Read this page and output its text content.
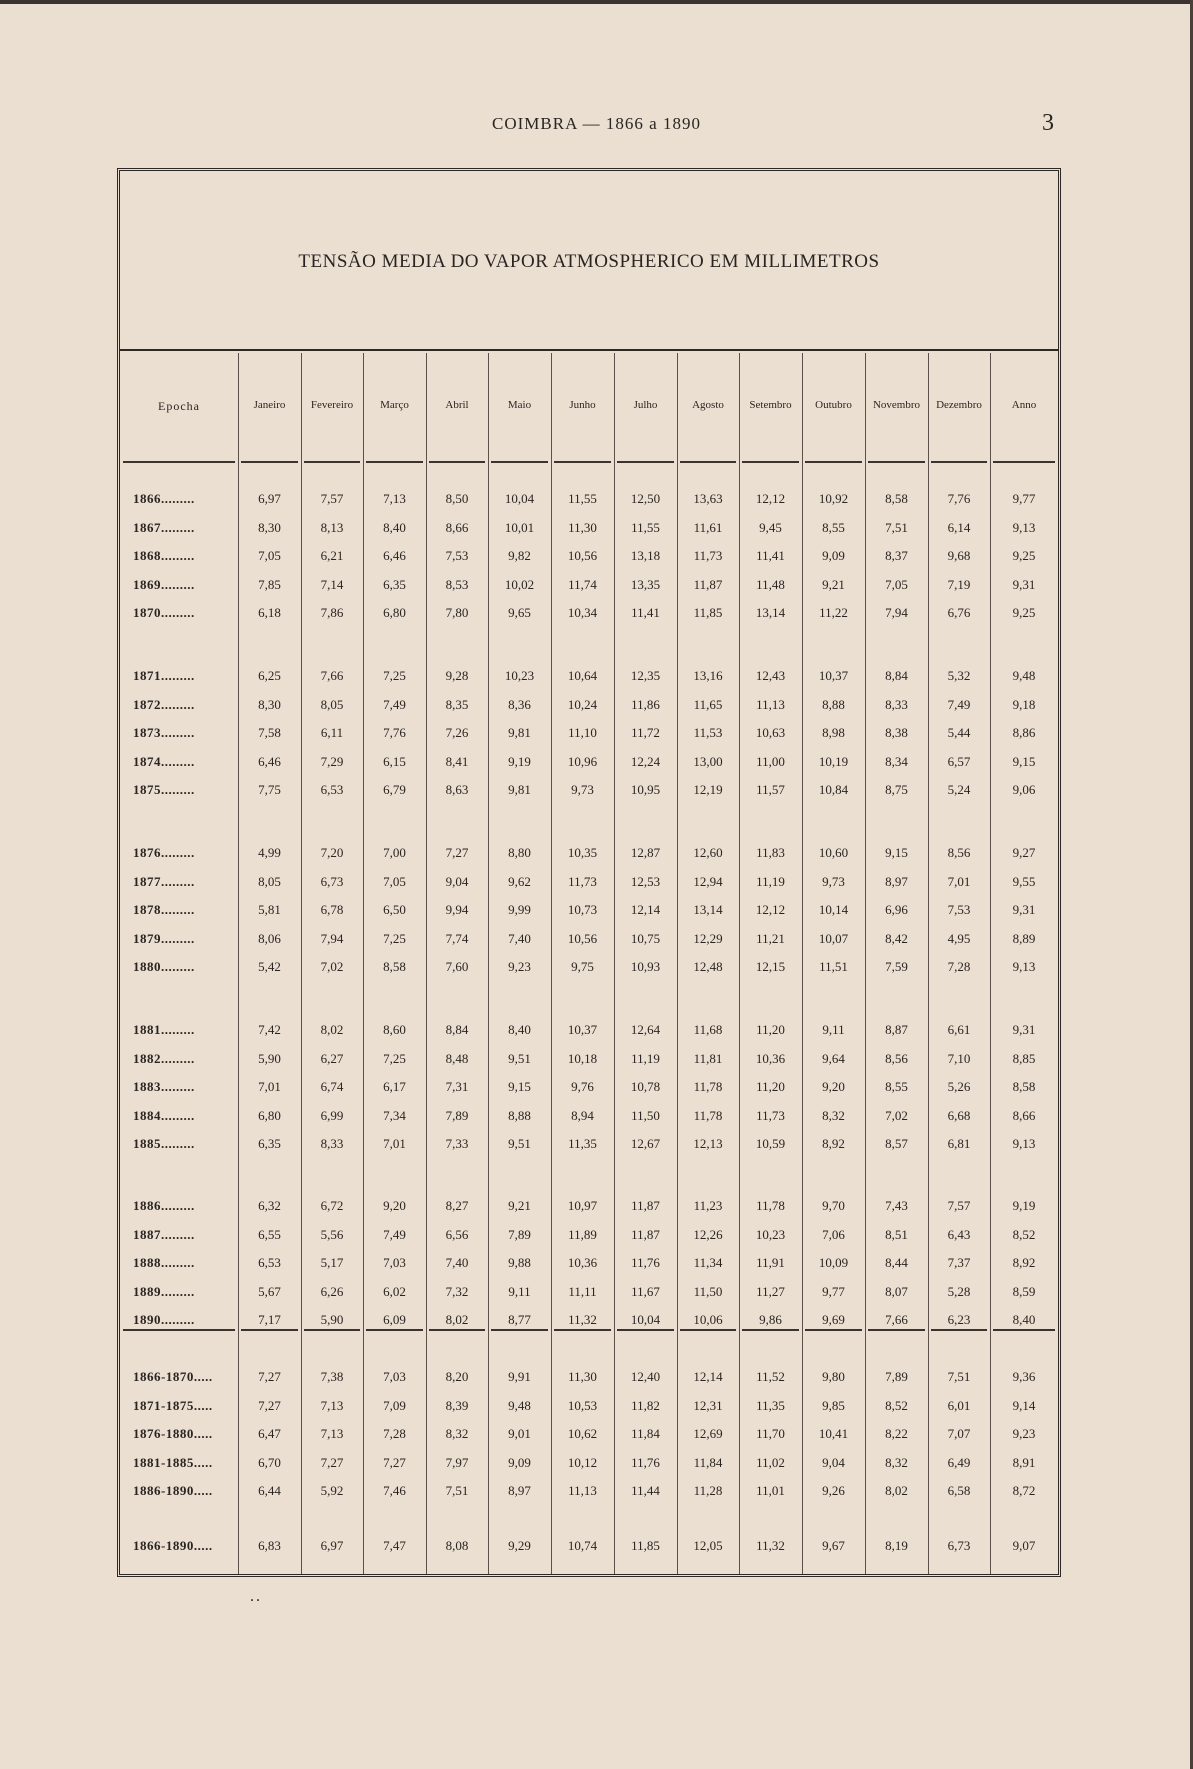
COIMBRA — 1866 a 1890	3
TENSÃO MEDIA DO VAPOR ATMOSPHERICO EM MILLIMETROS
Epocha	Janeiro	Fevereiro	Março	Abril	Maio	Junho	Julho	Agosto	Setembro	Outubro	Novembro	Dezembro	Anno
1866.........	6,97	7,57	7,13	8,50	10,04	11,55	12,50	13,63	12,12	10,92	8,58	7,76	9,77
1867.........	8,30	8,13	8,40	8,66	10,01	11,30	11,55	11,61	9,45	8,55	7,51	6,14	9,13
1868.........	7,05	6,21	6,46	7,53	9,82	10,56	13,18	11,73	11,41	9,09	8,37	9,68	9,25
1869.........	7,85	7,14	6,35	8,53	10,02	11,74	13,35	11,87	11,48	9,21	7,05	7,19	9,31
1870.........	6,18	7,86	6,80	7,80	9,65	10,34	11,41	11,85	13,14	11,22	7,94	6,76	9,25
1871.........	6,25	7,66	7,25	9,28	10,23	10,64	12,35	13,16	12,43	10,37	8,84	5,32	9,48
1872.........	8,30	8,05	7,49	8,35	8,36	10,24	11,86	11,65	11,13	8,88	8,33	7,49	9,18
1873.........	7,58	6,11	7,76	7,26	9,81	11,10	11,72	11,53	10,63	8,98	8,38	5,44	8,86
1874.........	6,46	7,29	6,15	8,41	9,19	10,96	12,24	13,00	11,00	10,19	8,34	6,57	9,15
1875.........	7,75	6,53	6,79	8,63	9,81	9,73	10,95	12,19	11,57	10,84	8,75	5,24	9,06
1876.........	4,99	7,20	7,00	7,27	8,80	10,35	12,87	12,60	11,83	10,60	9,15	8,56	9,27
1877.........	8,05	6,73	7,05	9,04	9,62	11,73	12,53	12,94	11,19	9,73	8,97	7,01	9,55
1878.........	5,81	6,78	6,50	9,94	9,99	10,73	12,14	13,14	12,12	10,14	6,96	7,53	9,31
1879.........	8,06	7,94	7,25	7,74	7,40	10,56	10,75	12,29	11,21	10,07	8,42	4,95	8,89
1880.........	5,42	7,02	8,58	7,60	9,23	9,75	10,93	12,48	12,15	11,51	7,59	7,28	9,13
1881.........	7,42	8,02	8,60	8,84	8,40	10,37	12,64	11,68	11,20	9,11	8,87	6,61	9,31
1882.........	5,90	6,27	7,25	8,48	9,51	10,18	11,19	11,81	10,36	9,64	8,56	7,10	8,85
1883.........	7,01	6,74	6,17	7,31	9,15	9,76	10,78	11,78	11,20	9,20	8,55	5,26	8,58
1884.........	6,80	6,99	7,34	7,89	8,88	8,94	11,50	11,78	11,73	8,32	7,02	6,68	8,66
1885.........	6,35	8,33	7,01	7,33	9,51	11,35	12,67	12,13	10,59	8,92	8,57	6,81	9,13
1886.........	6,32	6,72	9,20	8,27	9,21	10,97	11,87	11,23	11,78	9,70	7,43	7,57	9,19
1887.........	6,55	5,56	7,49	6,56	7,89	11,89	11,87	12,26	10,23	7,06	8,51	6,43	8,52
1888.........	6,53	5,17	7,03	7,40	9,88	10,36	11,76	11,34	11,91	10,09	8,44	7,37	8,92
1889.........	5,67	6,26	6,02	7,32	9,11	11,11	11,67	11,50	11,27	9,77	8,07	5,28	8,59
1890.........	7,17	5,90	6,09	8,02	8,77	11,32	10,04	10,06	9,86	9,69	7,66	6,23	8,40
1866-1870.....	7,27	7,38	7,03	8,20	9,91	11,30	12,40	12,14	11,52	9,80	7,89	7,51	9,36
1871-1875.....	7,27	7,13	7,09	8,39	9,48	10,53	11,82	12,31	11,35	9,85	8,52	6,01	9,14
1876-1880.....	6,47	7,13	7,28	8,32	9,01	10,62	11,84	12,69	11,70	10,41	8,22	7,07	9,23
1881-1885.....	6,70	7,27	7,27	7,97	9,09	10,12	11,76	11,84	11,02	9,04	8,32	6,49	8,91
1886-1890.....	6,44	5,92	7,46	7,51	8,97	11,13	11,44	11,28	11,01	9,26	8,02	6,58	8,72
1866-1890.....	6,83	6,97	7,47	8,08	9,29	10,74	11,85	12,05	11,32	9,67	8,19	6,73	9,07
..
